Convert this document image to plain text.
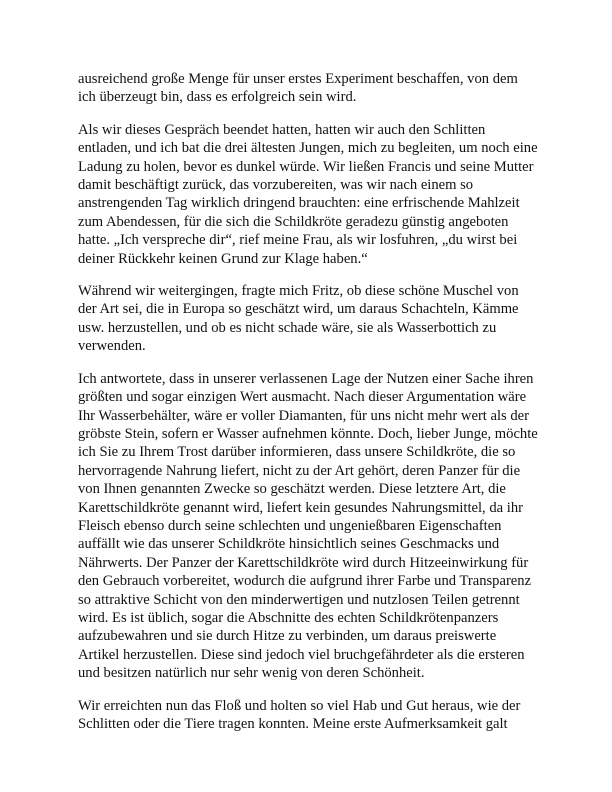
ausreichend große Menge für unser erstes Experiment beschaffen, von dem ich überzeugt bin, dass es erfolgreich sein wird.

Als wir dieses Gespräch beendet hatten, hatten wir auch den Schlitten entladen, und ich bat die drei ältesten Jungen, mich zu begleiten, um noch eine Ladung zu holen, bevor es dunkel würde. Wir ließen Francis und seine Mutter damit beschäftigt zurück, das vorzubereiten, was wir nach einem so anstrengenden Tag wirklich dringend brauchten: eine erfrischende Mahlzeit zum Abendessen, für die sich die Schildkröte geradezu günstig angeboten hatte. „Ich verspreche dir“, rief meine Frau, als wir losfuhren, „du wirst bei deiner Rückkehr keinen Grund zur Klage haben.“

Während wir weitergingen, fragte mich Fritz, ob diese schöne Muschel von der Art sei, die in Europa so geschätzt wird, um daraus Schachteln, Kämme usw. herzustellen, und ob es nicht schade wäre, sie als Wasserbottich zu verwenden.

Ich antwortete, dass in unserer verlassenen Lage der Nutzen einer Sache ihren größten und sogar einzigen Wert ausmacht. Nach dieser Argumentation wäre Ihr Wasserbehälter, wäre er voller Diamanten, für uns nicht mehr wert als der gröbste Stein, sofern er Wasser aufnehmen könnte. Doch, lieber Junge, möchte ich Sie zu Ihrem Trost darüber informieren, dass unsere Schildkröte, die so hervorragende Nahrung liefert, nicht zu der Art gehört, deren Panzer für die von Ihnen genannten Zwecke so geschätzt werden. Diese letztere Art, die Karettschildkröte genannt wird, liefert kein gesundes Nahrungsmittel, da ihr Fleisch ebenso durch seine schlechten und ungenießbaren Eigenschaften auffällt wie das unserer Schildkröte hinsichtlich seines Geschmacks und Nährwerts. Der Panzer der Karettschildkröte wird durch Hitzeeinwirkung für den Gebrauch vorbereitet, wodurch die aufgrund ihrer Farbe und Transparenz so attraktive Schicht von den minderwertigen und nutzlosen Teilen getrennt wird. Es ist üblich, sogar die Abschnitte des echten Schildkrötenpanzers aufzubewahren und sie durch Hitze zu verbinden, um daraus preiswerte Artikel herzustellen. Diese sind jedoch viel bruchgefährdeter als die ersteren und besitzen natürlich nur sehr wenig von deren Schönheit.

Wir erreichten nun das Floß und holten so viel Hab und Gut heraus, wie der Schlitten oder die Tiere tragen konnten. Meine erste Aufmerksamkeit galt
